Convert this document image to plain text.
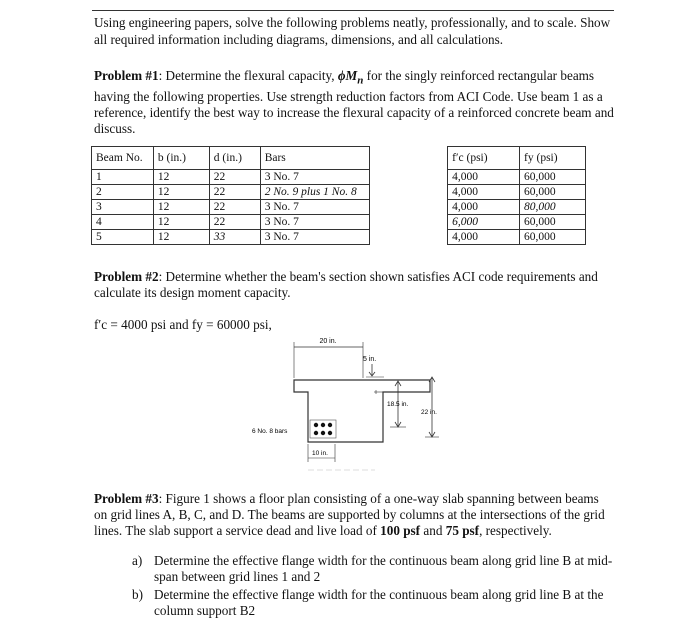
Using engineering papers, solve the following problems neatly, professionally, and to scale. Show all required information including diagrams, dimensions, and all calculations.
Problem #1: Determine the flexural capacity, $\phi M_n$ for the singly reinforced rectangular beams having the following properties. Use strength reduction factors from ACI Code. Use beam 1 as a reference, identify the best way to increase the flexural capacity of a reinforced concrete beam and discuss.
Beam No.	b (in.)	d (in.)	Bars		f′c (psi)	fy (psi)
1	12	22	3 No. 7		4,000	60,000
2	12	22	2 No. 9 plus 1 No. 8		4,000	60,000
3	12	22	3 No. 7		4,000	80,000
4	12	22	3 No. 7		6,000	60,000
5	12	33	3 No. 7		4,000	60,000
Problem #2: Determine whether the beam's section shown satisfies ACI code requirements and calculate its design moment capacity.
f′c = 4000 psi and fy = 60000 psi,
20 in.
5 in.
18.5 in.
22 in.
6 No. 8 bars
10 in.
Problem #3: Figure 1 shows a floor plan consisting of a one-way slab spanning between beams on grid lines A, B, C, and D. The beams are supported by columns at the intersections of the grid lines. The slab support a service dead and live load of 100 psf and 75 psf, respectively.
a) Determine the effective flange width for the continuous beam along grid line B at mid-span between grid lines 1 and 2
b) Determine the effective flange width for the continuous beam along grid line B at the column support B2
